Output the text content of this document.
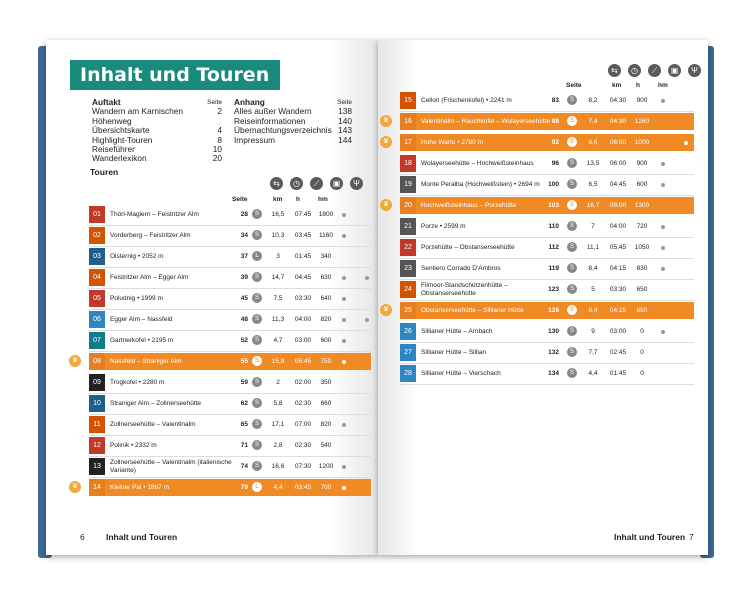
Inhalt und Touren
Auftakt	Seite
Wandern am Karnischen Höhenweg
2
Übersichtskarte	4
Highlight-Touren	8
Reiseführer	10
Wanderlexikon	20
Anhang	Seite
Alles außer Wandern	138
Reiseinformationen	140
Übernachtungsverzeichnis 143
Impressum	144
Touren
⇆	◷	⟋	▣	Ψ
Seite	km h	hm
01	Thörl-Maglern – Feistritzer Alm	28	S	16,5	07:45	1800
02	Vorderberg – Feistritzer Alm	34	S	10,3	03:45	1160
03	Oisternig • 2052 m	37	L	3	01:45	340
04	Feistritzer Alm – Egger Alm	39	S	14,7	04:45	630
05	Poludnig • 1999 m	45	S	7,5	03:30	640
06	Egger Alm – Nassfeld	48	S	11,3	04:00	820
07	Gartnerkofel • 2195 m	52	S	4,7	03:00	600
08	Nassfeld – Straniger Alm	55	S	15,9	05:45	750
♛
09	Trogkofel • 2280 m	59	S	2	02:00	350
10	Straniger Alm – Zollnerseehütte	62	S	5,8	02:30	660
11	Zollnerseehütte – Valentinalm	65	S	17,1	07:00	820
12	Polinik • 2332 m	71	S	2,8	02:30	540
13
Zollnerseehütte – Valentinalm (italienische Variante)	74	S	16,6	07:30	1200
14	Kleiner Pal • 1867 m	79	L	4,4	03:45	700
♛
6	Inhalt und Touren
⇆	◷	⟋	▣	Ψ
Seite	km h	hm
15	Cellon (Frischenkofel) • 2241 m	83	S	8,2	04:30	900
16	Valentinalm – Rauchkofel – Wolayerseehütte 88	S	7,4	04:30	1260
♛
17	Hohe Warte • 2780 m	92	S	6,6	06:00	1000
♛
18	Wolayerseehütte – Hochweißsteinhaus	96	S	13,5	06:00	900
19	Monte Peralba (Hochweißstein) • 2694 m	100	S	6,5	04:45	600
20	Hochweißsteinhaus – Porzehütte	103	S	16,7	08:00	1300
♛
21	Porze • 2599 m	110	S	7	04:00	720
22	Porzehütte – Obstanserseehütte	112	S	11,1	05:45	1050
23	Sentiero Corrado D'Ambros	119	S	8,4	04:15	830
24
Filmoor-Standschützenhütte – Obstanserseehütte	123	S	5	03:30	650
25	Obstanserseehütte – Sillianer Hütte	126	S	8,4	04:15	650
♛
26	Sillianer Hütte – Arnbach	130	S	9	03:00	0
27	Sillianer Hütte – Sillian	132	S	7,7	02:45	0
28	Sillianer Hütte – Vierschach	134	S	4,4	01:45	0
Inhalt und Touren 7
